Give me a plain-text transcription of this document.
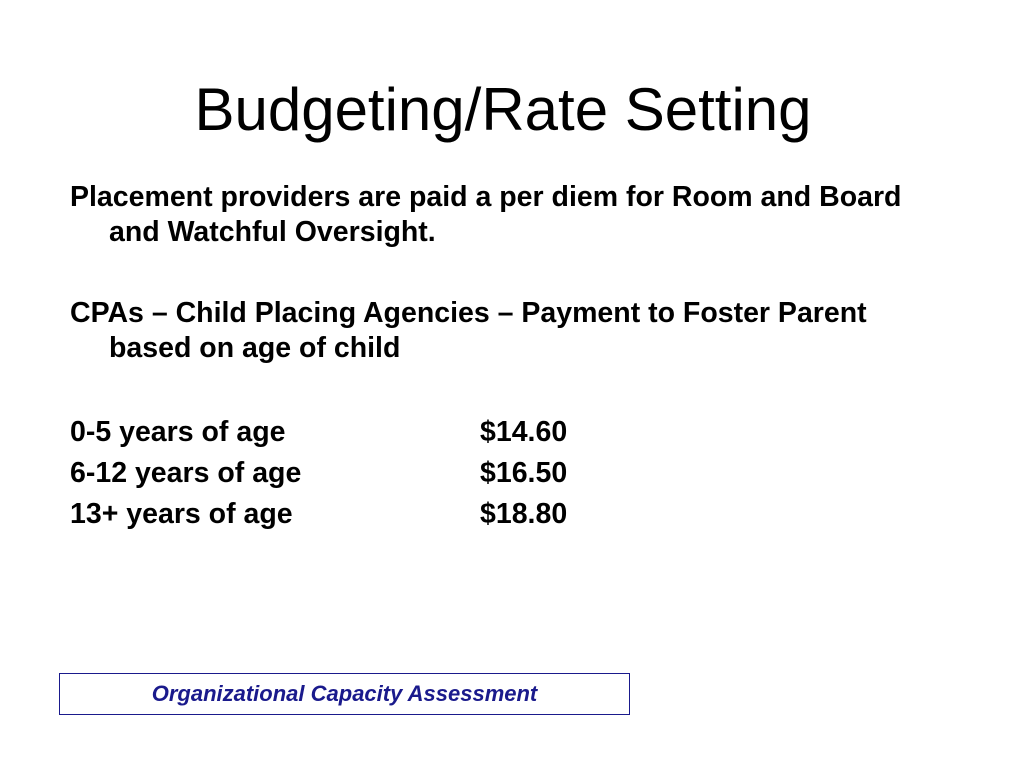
Budgeting/Rate Setting

Placement providers are paid a per diem for Room and Board and Watchful Oversight.

CPAs – Child Placing Agencies – Payment to Foster Parent based on age of child

0-5 years of age	$14.60
6-12 years of age	$16.50
13+ years of age	$18.80
Organizational Capacity Assessment
